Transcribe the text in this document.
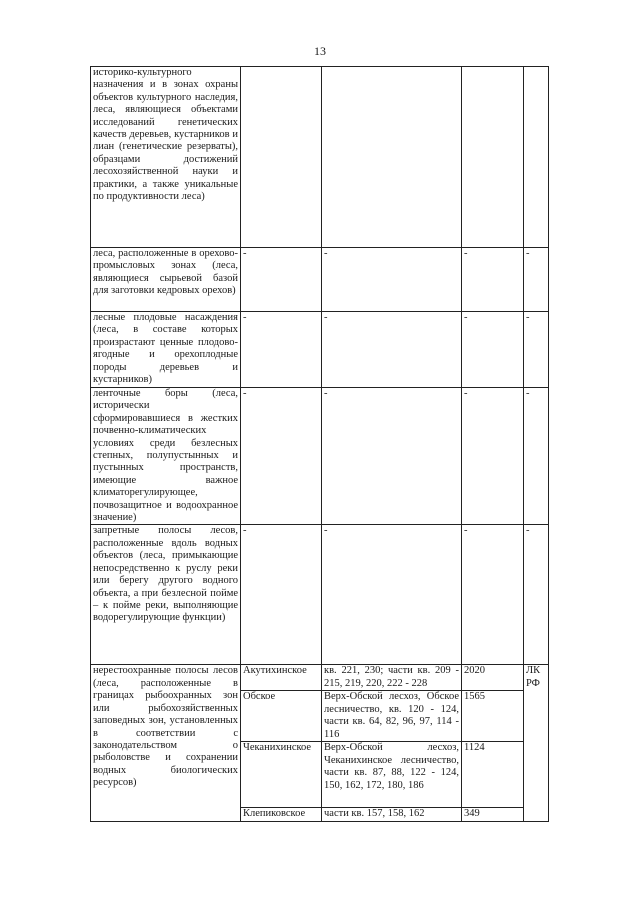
13
историко-культурного назначения и в зонах охраны объектов культурного наследия, леса, являющиеся объектами исследований генетических качеств деревьев, кустарников и лиан (генетические резерваты), образцами достижений лесохозяйственной науки и практики, а также уникальные по продуктивности леса)				
леса, расположенные в орехово-промысловых зонах (леса, являющиеся сырьевой базой для заготовки кедровых орехов)	-	-	-	-
лесные плодовые насаждения (леса, в составе которых произрастают ценные плодово-ягодные и орехоплодные породы деревьев и кустарников)	-	-	-	-
ленточные боры (леса, исторически сформировавшиеся в жестких почвенно-климатических условиях среди безлесных степных, полупустынных и пустынных пространств, имеющие важное климаторегулирующее, почвозащитное и водоохранное значение)	-	-	-	-
запретные полосы лесов, расположенные вдоль водных объектов (леса, примыкающие непосредственно к руслу реки или берегу другого водного объекта, а при безлесной пойме – к пойме реки, выполняющие водорегулирующие функции)	-	-	-	-
нерестоохранные полосы лесов (леса, расположенные в границах рыбоохранных зон или рыбохозяйственных заповедных зон, установленных в соответствии с законодательством о рыболовстве и сохранении водных биологических ресурсов)	Акутихинское	кв. 221, 230; части кв. 209 - 215, 219, 220, 222 - 228	2020	ЛК РФ
	Обское	Верх-Обской лесхоз, Обское лесничество, кв. 120 - 124, части кв. 64, 82, 96, 97, 114 - 116	1565	
	Чеканихинское	Верх-Обской лесхоз, Чеканихинское лесничество, части кв. 87, 88, 122 - 124, 150, 162, 172, 180, 186	1124	
	Клепиковское	части кв. 157, 158, 162	349	
